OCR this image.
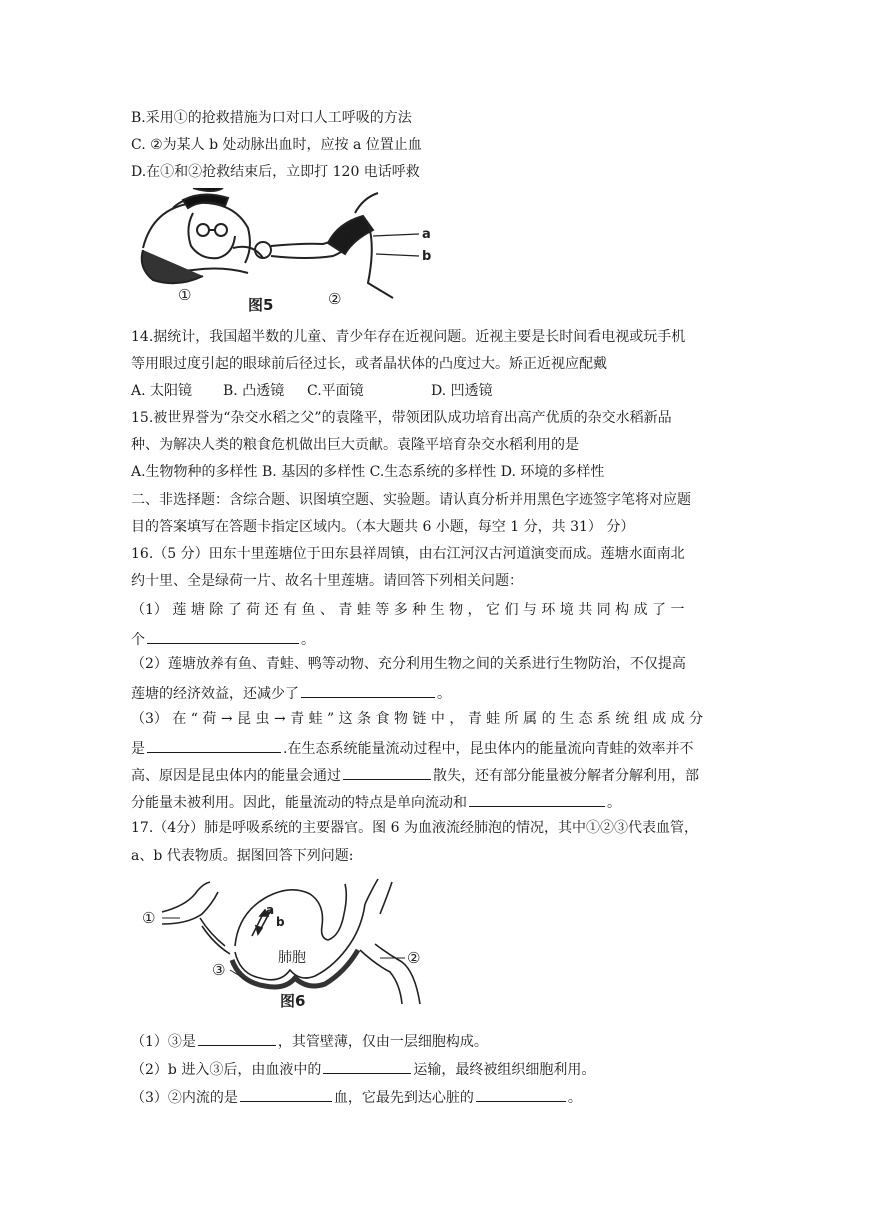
B.采用①的抢救措施为口对口人工呼吸的方法
C. ②为某人 b 处动脉出血时，应按 a 位置止血
D.在①和②抢救结束后，立即打 120 电话呼救
a
b
①	②
图5
14.据统计，我国超半数的儿童、青少年存在近视问题。近视主要是长时间看电视或玩手机
等用眼过度引起的眼球前后径过长，或者晶状体的凸度过大。矫正近视应配戴
A. 太阳镜 B. 凸透镜 C.平面镜	D. 凹透镜
15.被世界誉为“杂交水稻之父”的袁隆平，带领团队成功培育出高产优质的杂交水稻新品
种、为解决人类的粮食危机做出巨大贡献。袁隆平培育杂交水稻利用的是
A.生物物种的多样性 B. 基因的多样性 C.生态系统的多样性 D. 环境的多样性
二、非选择题：含综合题、识图填空题、实验题。请认真分析并用黑色字迹签字笔将对应题
目的答案填写在答题卡指定区域内。（本大题共 6 小题，每空 1 分，共 31） 分）
16.（5 分）田东十里莲塘位于田东县祥周镇，由右江河汉古河道演变而成。莲塘水面南北
约十里、全是绿荷一片、故名十里莲塘。请回答下列相关问题：
（1） 莲 塘 除 了 荷 还 有 鱼 、 青 蛙 等 多 种 生 物 ， 它 们 与 环 境 共 同 构 成 了 一
个	。
（2）莲塘放养有鱼、青蛙、鸭等动物、充分利用生物之间的关系进行生物防治，不仅提高
莲塘的经济效益，还减少了	。
（3） 在 “ 荷 → 昆 虫 → 青 蛙 ” 这 条 食 物 链 中 ， 青 蛙 所 属 的 生 态 系 统 组 成 成 分
是	.在生态系统能量流动过程中，昆虫体内的能量流向青蛙的效率并不
高、原因是昆虫体内的能量会通过	散失，还有部分能量被分解者分解利用，部
分能量未被利用。因此，能量流动的特点是单向流动和	。
17.（4分）肺是呼吸系统的主要器官。图 6 为血液流经肺泡的情况，其中①②③代表血管，
a、b 代表物质。据图回答下列问题:
①
②
③
a
b
肺胞
图6
（1）③是	，其管壁薄，仅由一层细胞构成。
（2）b 进入③后，由血液中的	运输，最终被组织细胞利用。
（3）②内流的是	血，它最先到达心脏的	。
